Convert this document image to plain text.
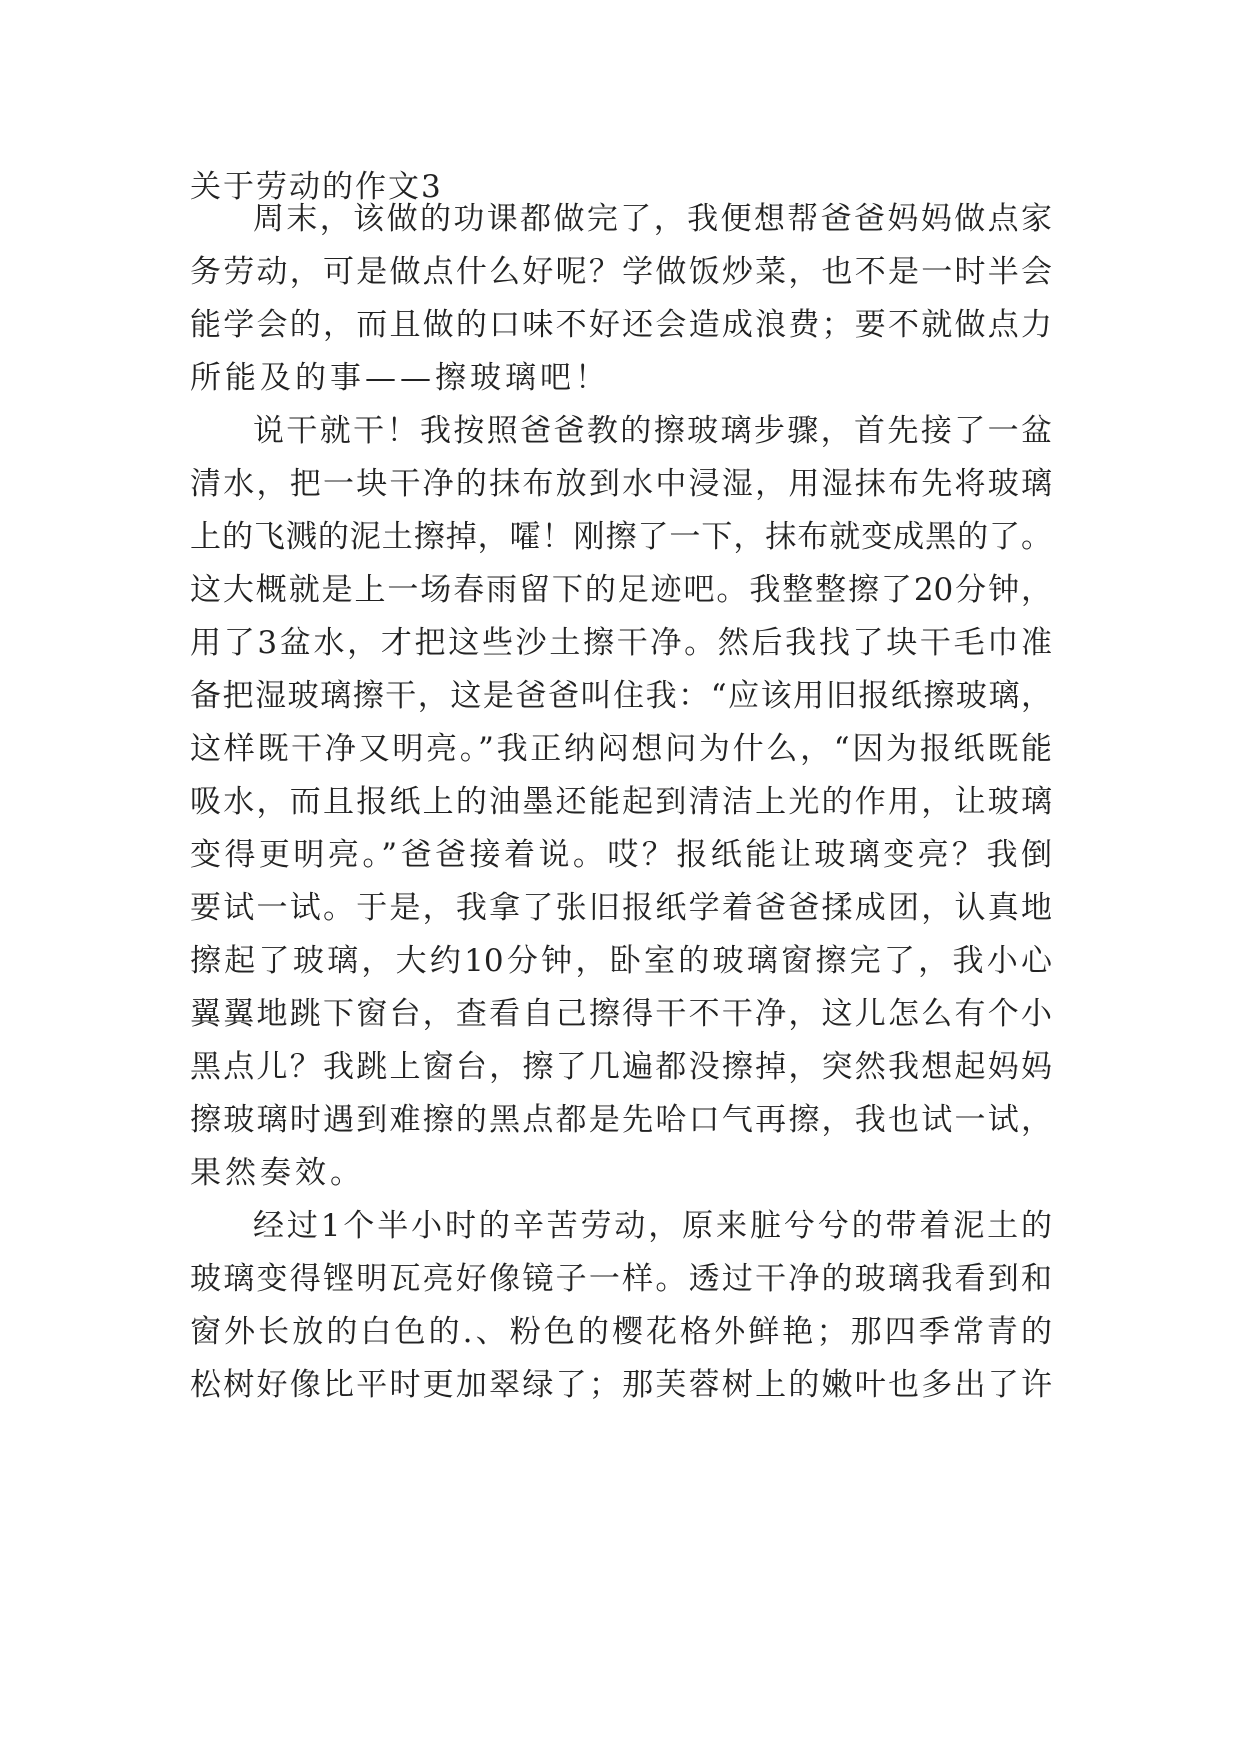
关于劳动的作文3
周末，该做的功课都做完了，我便想帮爸爸妈妈做点家
务劳动，可是做点什么好呢？学做饭炒菜，也不是一时半会
能学会的，而且做的口味不好还会造成浪费；要不就做点力
所能及的事——擦玻璃吧！
说干就干！我按照爸爸教的擦玻璃步骤，首先接了一盆
清水，把一块干净的抹布放到水中浸湿，用湿抹布先将玻璃
上的飞溅的泥土擦掉，嚯！刚擦了一下，抹布就变成黑的了。
这大概就是上一场春雨留下的足迹吧。我整整擦了20分钟，
用了3盆水，才把这些沙土擦干净。然后我找了块干毛巾准
备把湿玻璃擦干，这是爸爸叫住我：“应该用旧报纸擦玻璃，
这样既干净又明亮。”我正纳闷想问为什么，“因为报纸既能
吸水，而且报纸上的油墨还能起到清洁上光的作用，让玻璃
变得更明亮。”爸爸接着说。哎？报纸能让玻璃变亮？我倒
要试一试。于是，我拿了张旧报纸学着爸爸揉成团，认真地
擦起了玻璃，大约10分钟，卧室的玻璃窗擦完了，我小心
翼翼地跳下窗台，查看自己擦得干不干净，这儿怎么有个小
黑点儿？我跳上窗台，擦了几遍都没擦掉，突然我想起妈妈
擦玻璃时遇到难擦的黑点都是先哈口气再擦，我也试一试，
果然奏效。
经过1个半小时的辛苦劳动，原来脏兮兮的带着泥土的
玻璃变得铿明瓦亮好像镜子一样。透过干净的玻璃我看到和
窗外长放的白色的.、粉色的樱花格外鲜艳；那四季常青的
松树好像比平时更加翠绿了；那芙蓉树上的嫩叶也多出了许
